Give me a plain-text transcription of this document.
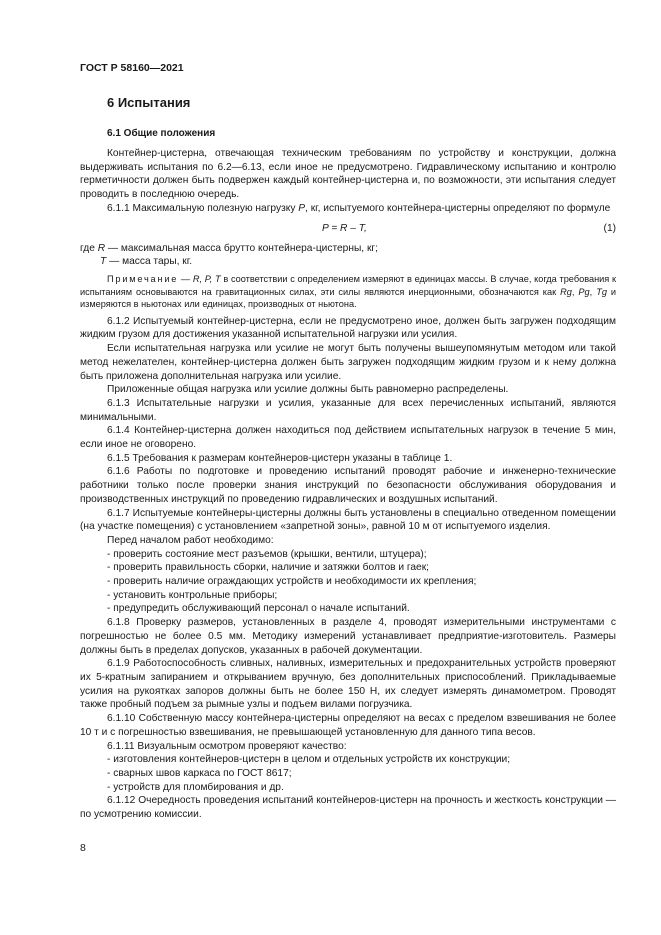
ГОСТ Р 58160—2021
6 Испытания
6.1 Общие положения

Контейнер-цистерна, отвечающая техническим требованиям по устройству и конструкции, должна выдерживать испытания по 6.2—6.13, если иное не предусмотрено. Гидравлическому испытанию и контролю герметичности должен быть подвержен каждый контейнер-цистерна и, по возможности, эти испытания следует проводить в последнюю очередь.

6.1.1 Максимальную полезную нагрузку P, кг, испытуемого контейнера-цистерны определяют по формуле

P = R – T,	(1)

где R — максимальная масса брутто контейнера-цистерны, кг;

T — масса тары, кг.

Примечание — R, P, T в соответствии с определением измеряют в единицах массы. В случае, когда требования к испытаниям основываются на гравитационных силах, эти силы являются инерционными, обозначаются как Rg, Pg, Tg и измеряются в ньютонах или единицах, производных от ньютона.

6.1.2 Испытуемый контейнер-цистерна, если не предусмотрено иное, должен быть загружен подходящим жидким грузом для достижения указанной испытательной нагрузки или усилия.

Если испытательная нагрузка или усилие не могут быть получены вышеупомянутым методом или такой метод нежелателен, контейнер-цистерна должен быть загружен подходящим жидким грузом и к нему должна быть приложена дополнительная нагрузка или усилие.

Приложенные общая нагрузка или усилие должны быть равномерно распределены.

6.1.3 Испытательные нагрузки и усилия, указанные для всех перечисленных испытаний, являются минимальными.

6.1.4 Контейнер-цистерна должен находиться под действием испытательных нагрузок в течение 5 мин, если иное не оговорено.

6.1.5 Требования к размерам контейнеров-цистерн указаны в таблице 1.

6.1.6 Работы по подготовке и проведению испытаний проводят рабочие и инженерно-технические работники только после проверки знания инструкций по безопасности обслуживания оборудования и производственных инструкций по проведению гидравлических и воздушных испытаний.

6.1.7 Испытуемые контейнеры-цистерны должны быть установлены в специально отведенном помещении (на участке помещения) с установлением «запретной зоны», равной 10 м от испытуемого изделия.

Перед началом работ необходимо:

- проверить состояние мест разъемов (крышки, вентили, штуцера);
- проверить правильность сборки, наличие и затяжки болтов и гаек;
- проверить наличие ограждающих устройств и необходимости их крепления;
- установить контрольные приборы;
- предупредить обслуживающий персонал о начале испытаний.

6.1.8 Проверку размеров, установленных в разделе 4, проводят измерительными инструментами с погрешностью не более 0.5 мм. Методику измерений устанавливает предприятие-изготовитель. Размеры должны быть в пределах допусков, указанных в рабочей документации.

6.1.9 Работоспособность сливных, наливных, измерительных и предохранительных устройств проверяют их 5-кратным запиранием и открыванием вручную, без дополнительных приспособлений. Прикладываемые усилия на рукоятках запоров должны быть не более 150 Н, их следует измерять динамометром. Проводят также пробный подъем за рымные узлы и подъем вилами погрузчика.

6.1.10 Собственную массу контейнера-цистерны определяют на весах с пределом взвешивания не более 10 т и с погрешностью взвешивания, не превышающей установленную для данного типа весов.

6.1.11 Визуальным осмотром проверяют качество:

- изготовления контейнеров-цистерн в целом и отдельных устройств их конструкции;
- сварных швов каркаса по ГОСТ 8617;
- устройств для пломбирования и др.

6.1.12 Очередность проведения испытаний контейнеров-цистерн на прочность и жесткость конструкции — по усмотрению комиссии.

8
